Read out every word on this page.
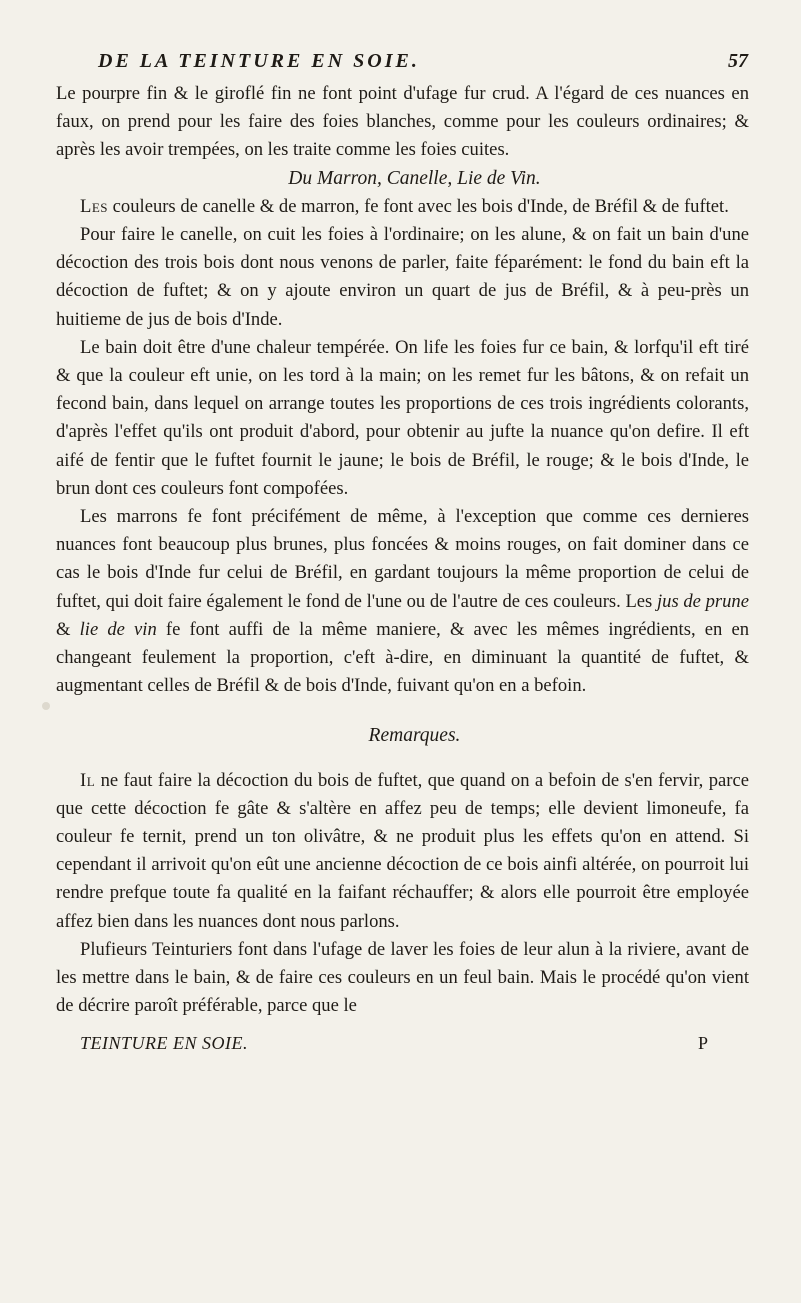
DE LA TEINTURE EN SOIE.	57

Le pourpre fin & le giroflé fin ne font point d'ufage fur crud. A l'égard de ces nuances en faux, on prend pour les faire des foies blanches, comme pour les couleurs ordinaires; & après les avoir trempées, on les traite comme les foies cuites.

Du Marron, Canelle, Lie de Vin.

Les couleurs de canelle & de marron, fe font avec les bois d'Inde, de Bréfil & de fuftet.

Pour faire le canelle, on cuit les foies à l'ordinaire; on les alune, & on fait un bain d'une décoction des trois bois dont nous venons de parler, faite féparément: le fond du bain eft la décoction de fuftet; & on y ajoute environ un quart de jus de Bréfil, & à peu-près un huitieme de jus de bois d'Inde.

Le bain doit être d'une chaleur tempérée. On life les foies fur ce bain, & lorfqu'il eft tiré & que la couleur eft unie, on les tord à la main; on les remet fur les bâtons, & on refait un fecond bain, dans lequel on arrange toutes les proportions de ces trois ingrédients colorants, d'après l'effet qu'ils ont produit d'abord, pour obtenir au jufte la nuance qu'on defire. Il eft aifé de fentir que le fuftet fournit le jaune; le bois de Bréfil, le rouge; & le bois d'Inde, le brun dont ces couleurs font compofées.

Les marrons fe font précifément de même, à l'exception que comme ces dernieres nuances font beaucoup plus brunes, plus foncées & moins rouges, on fait dominer dans ce cas le bois d'Inde fur celui de Bréfil, en gardant toujours la même proportion de celui de fuftet, qui doit faire également le fond de l'une ou de l'autre de ces couleurs. Les jus de prune & lie de vin fe font auffi de la même maniere, & avec les mêmes ingrédients, en en changeant feulement la proportion, c'eft à-dire, en diminuant la quantité de fuftet, & augmentant celles de Bréfil & de bois d'Inde, fuivant qu'on en a befoin.

Remarques.

Il ne faut faire la décoction du bois de fuftet, que quand on a befoin de s'en fervir, parce que cette décoction fe gâte & s'altère en affez peu de temps; elle devient limoneufe, fa couleur fe ternit, prend un ton olivâtre, & ne produit plus les effets qu'on en attend. Si cependant il arrivoit qu'on eût une ancienne décoction de ce bois ainfi altérée, on pourroit lui rendre prefque toute fa qualité en la faifant réchauffer; & alors elle pourroit être employée affez bien dans les nuances dont nous parlons.

Plufieurs Teinturiers font dans l'ufage de laver les foies de leur alun à la riviere, avant de les mettre dans le bain, & de faire ces couleurs en un feul bain. Mais le procédé qu'on vient de décrire paroît préférable, parce que le

TEINTURE EN SOIE.	P
